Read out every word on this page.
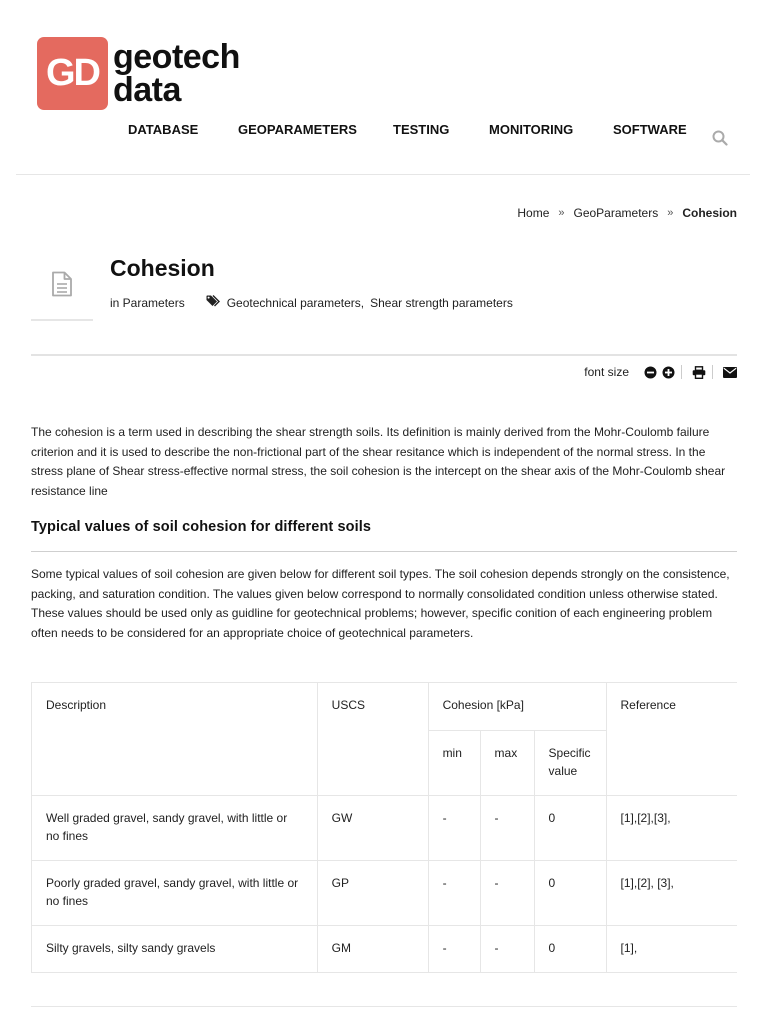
GD geotech
data
DATABASE	GEOPARAMETERS	TESTING	MONITORING	SOFTWARE
Home » GeoParameters » Cohesion
Cohesion
in Parameters	Geotechnical parameters, Shear strength parameters
font size

The cohesion is a term used in describing the shear strength soils. Its definition is mainly derived from the Mohr-Coulomb failure criterion and it is used to describe the non-frictional part of the shear resitance which is independent of the normal stress. In the stress plane of Shear stress-effective normal stress, the soil cohesion is the intercept on the shear axis of the Mohr-Coulomb shear resistance line

Typical values of soil cohesion for different soils

Some typical values of soil cohesion are given below for different soil types. The soil cohesion depends strongly on the consistence, packing, and saturation condition. The values given below correspond to normally consolidated condition unless otherwise stated. These values should be used only as guidline for geotechnical problems; however, specific conition of each engineering problem often needs to be considered for an appropriate choice of geotechnical parameters.

Description	USCS	Cohesion [kPa]			Reference
		min	max	Specific value	
Well graded gravel, sandy gravel, with little or no fines	GW	-	-	0	[1],[2],[3],
Poorly graded gravel, sandy gravel, with little or no fines	GP	-	-	0	[1],[2], [3],
Silty gravels, silty sandy gravels	GM	-	-	0	[1],
